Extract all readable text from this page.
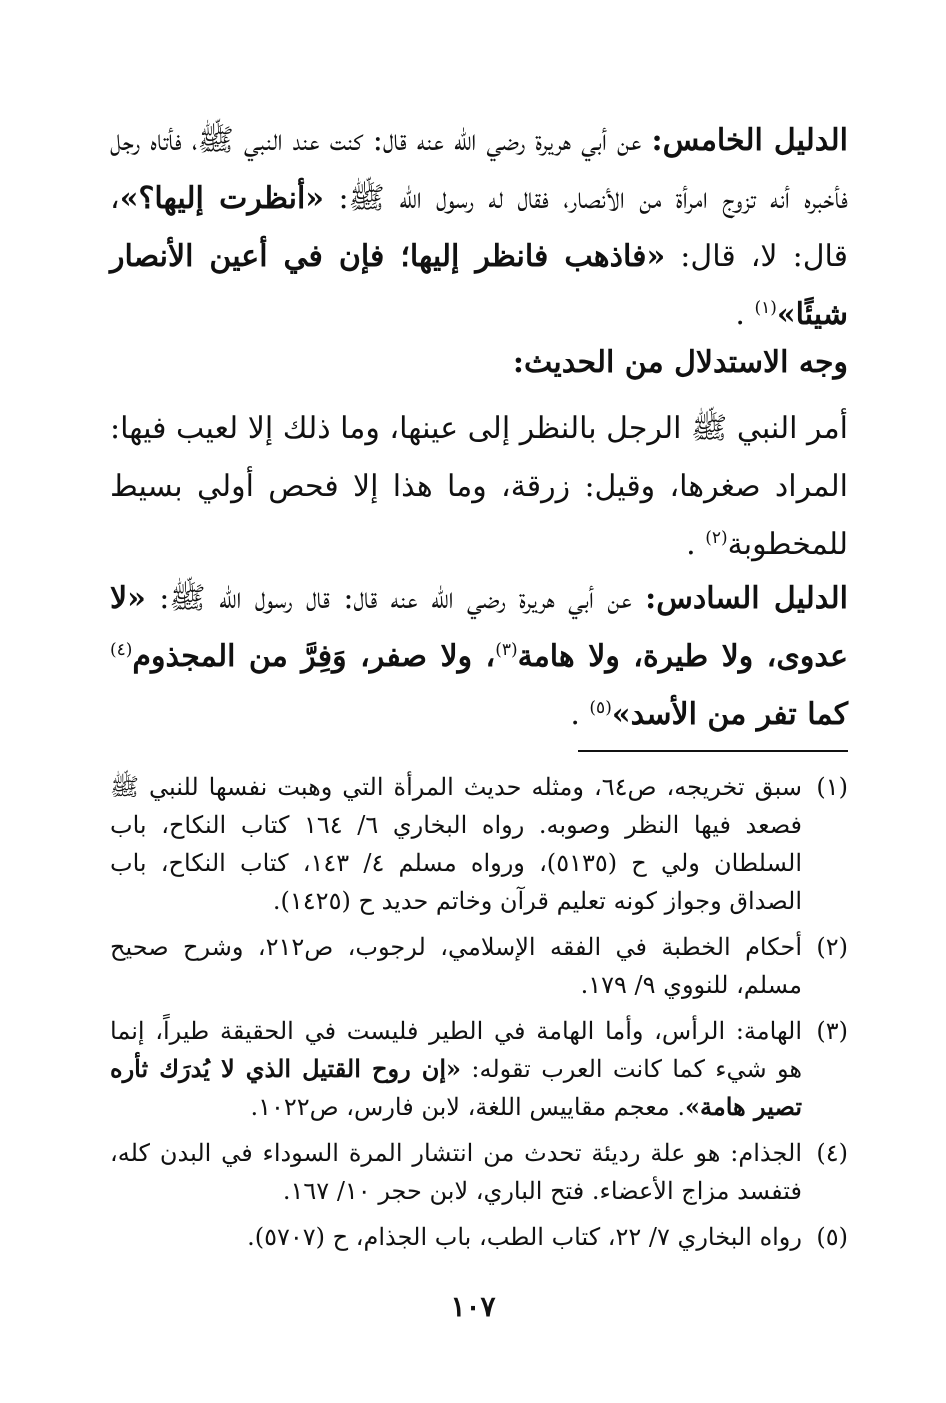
الدليل الخامس: عن أبي هريرة رضي الله عنه قال: كنت عند النبي ﷺ، فأتاه رجل فأخبره أنه تزوج امرأة من الأنصار، فقال له رسول الله ﷺ: «أنظرت إليها؟»، قال: لا، قال: «فاذهب فانظر إليها؛ فإن في أعين الأنصار شيئًا»$^{(١)}$ .
وجه الاستدلال من الحديث:
أمر النبي ﷺ الرجل بالنظر إلى عينها، وما ذلك إلا لعيب فيها: المراد صغرها، وقيل: زرقة، وما هذا إلا فحص أولي بسيط للمخطوبة$^{(٢)}$ .
الدليل السادس: عن أبي هريرة رضي الله عنه قال: قال رسول الله ﷺ: «لا عدوى، ولا طيرة، ولا هامة$^{(٣)}$، ولا صفر، وَفِرَّ من المجذوم$^{(٤)}$ كما تفر من الأسد»$^{(٥)}$ .
(١)
سبق تخريجه، ص٦٤، ومثله حديث المرأة التي وهبت نفسها للنبي ﷺ فصعد فيها النظر وصوبه. رواه البخاري ٦/ ١٦٤ كتاب النكاح، باب السلطان ولي ح (٥١٣٥)، ورواه مسلم ٤/ ١٤٣، كتاب النكاح، باب الصداق وجواز كونه تعليم قرآن وخاتم حديد ح (١٤٢٥).
(٢)
أحكام الخطبة في الفقه الإسلامي، لرجوب، ص٢١٢، وشرح صحيح مسلم، للنووي ٩/ ١٧٩.
(٣)
الهامة: الرأس، وأما الهامة في الطير فليست في الحقيقة طيراً، إنما هو شيء كما كانت العرب تقوله: «إن روح القتيل الذي لا يُدرَك ثأره تصير هامة». معجم مقاييس اللغة، لابن فارس، ص١٠٢٢.
(٤)
الجذام: هو علة رديئة تحدث من انتشار المرة السوداء في البدن كله، فتفسد مزاج الأعضاء. فتح الباري، لابن حجر ١٠/ ١٦٧.
(٥)
رواه البخاري ٧/ ٢٢، كتاب الطب، باب الجذام، ح (٥٧٠٧).
١٠٧
